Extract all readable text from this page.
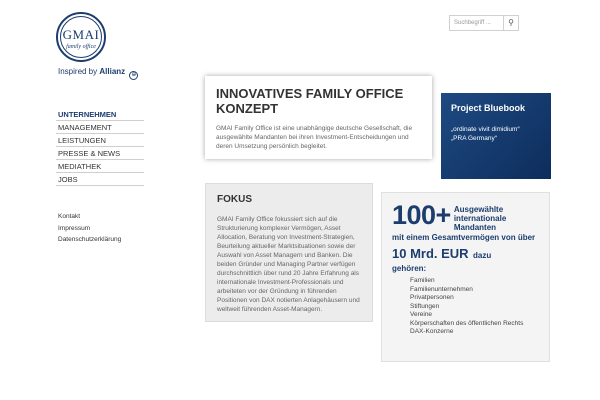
GMAI
family office
Inspired by Allianz ⊕
Suchbegriff ...	⚲
UNTERNEHMEN
MANAGEMENT
LEISTUNGEN
PRESSE & NEWS
MEDIATHEK
JOBS
Kontakt
Impressum
Datenschutzerklärung
INNOVATIVES FAMILY OFFICE KONZEPT
GMAI Family Office ist eine unabhängige deutsche Gesellschaft, die ausgewählte Mandanten bei ihren Investment-Entscheidungen und deren Umsetzung persönlich begleitet.
Project Bluebook
„ordinate vivit dimidium“
„PRA Germany“
FOKUS
GMAI Family Office fokussiert sich auf die Strukturierung komplexer Vermögen, Asset Allocation, Beratung von Investment-Strategien, Beurteilung aktueller Marktsituationen sowie der Auswahl von Asset Managern und Banken. Die beiden Gründer und Managing Partner verfügen durchschnittlich über rund 20 Jahre Erfahrung als internationale Investment-Professionals und arbeiteten vor der Gründung in führenden Positionen von DAX notierten Anlagehäusern und weltweit führenden Asset-Managern.
100+ Ausgewählte internationale Mandanten
mit einem Gesamtvermögen von über
10 Mrd. EUR dazu
gehören:
Familien
Familienunternehmen
Privatpersonen
Stiftungen
Vereine
Körperschaften des öffentlichen Rechts
DAX-Konzerne
